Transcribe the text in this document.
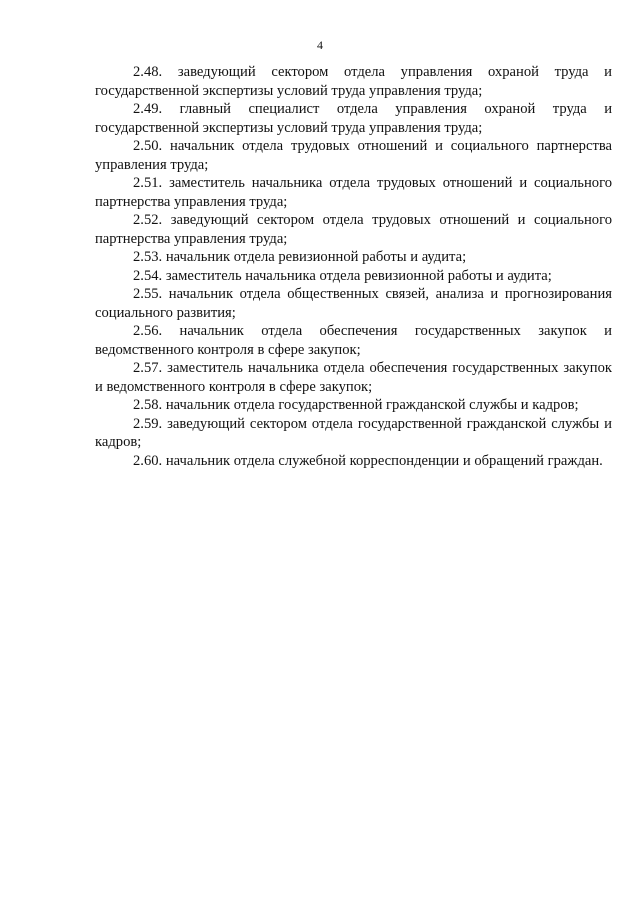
4

2.48. заведующий сектором отдела управления охраной труда и государственной экспертизы условий труда управления труда;

2.49. главный специалист отдела управления охраной труда и государственной экспертизы условий труда управления труда;

2.50. начальник отдела трудовых отношений и социального партнерства управления труда;

2.51. заместитель начальника отдела трудовых отношений и социального партнерства управления труда;

2.52. заведующий сектором отдела трудовых отношений и социального партнерства управления труда;

2.53. начальник отдела ревизионной работы и аудита;

2.54. заместитель начальника отдела ревизионной работы и аудита;

2.55. начальник отдела общественных связей, анализа и прогнозирования социального развития;

2.56. начальник отдела обеспечения государственных закупок и ведомственного контроля в сфере закупок;

2.57. заместитель начальника отдела обеспечения государственных закупок и ведомственного контроля в сфере закупок;

2.58. начальник отдела государственной гражданской службы и кадров;

2.59. заведующий сектором отдела государственной гражданской службы и кадров;

2.60. начальник отдела служебной корреспонденции и обращений граждан.
